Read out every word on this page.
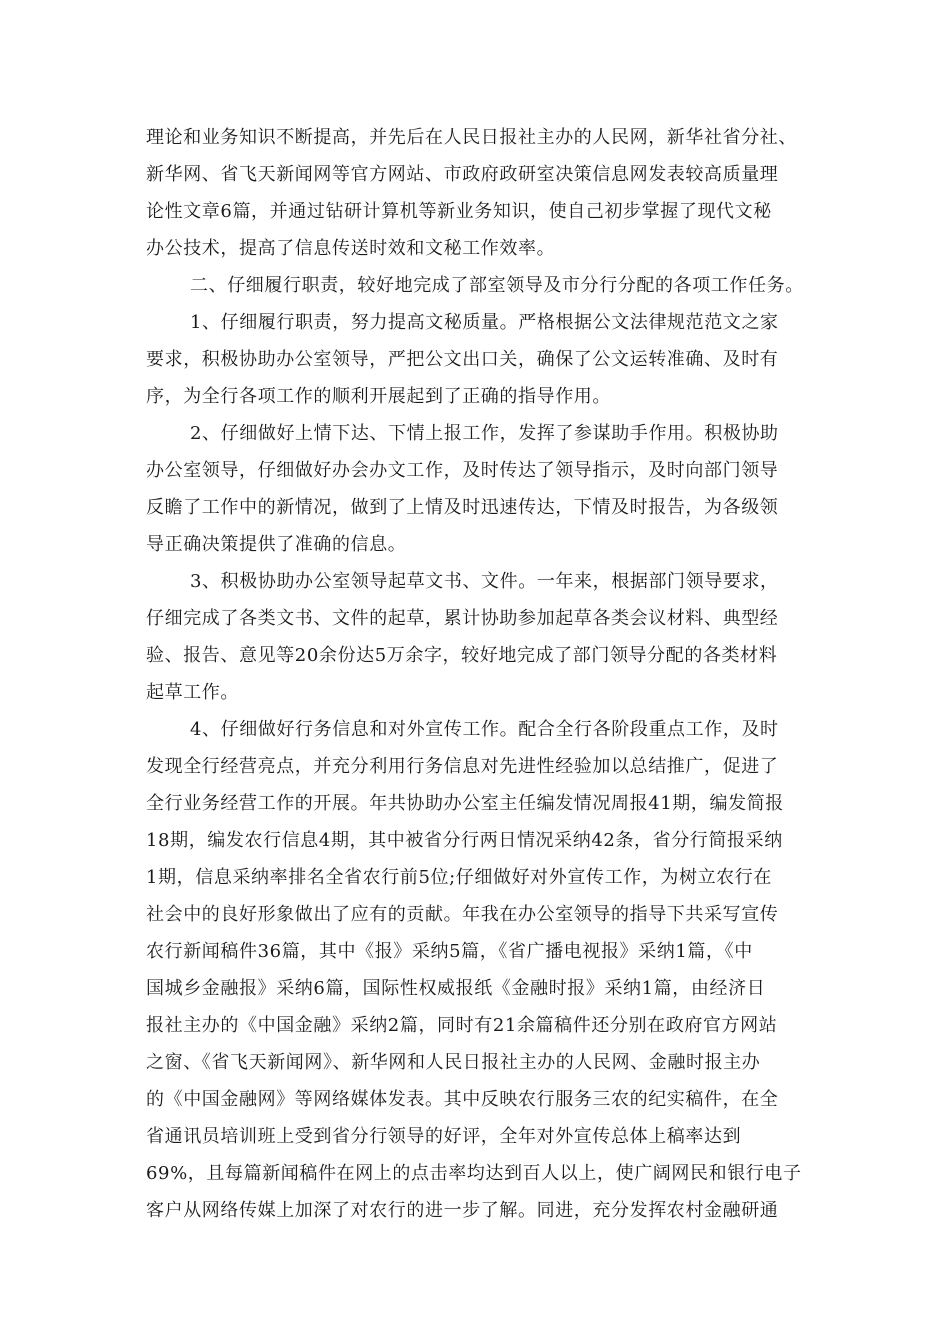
理论和业务知识不断提高，并先后在人民日报社主办的人民网，新华社省分社、
新华网、省飞天新闻网等官方网站、市政府政研室决策信息网发表较高质量理
论性文章6篇，并通过钻研计算机等新业务知识，使自己初步掌握了现代文秘
办公技术，提高了信息传送时效和文秘工作效率。
二、仔细履行职责，较好地完成了部室领导及市分行分配的各项工作任务。
1、仔细履行职责，努力提高文秘质量。严格根据公文法律规范范文之家
要求，积极协助办公室领导，严把公文出口关，确保了公文运转准确、及时有
序，为全行各项工作的顺利开展起到了正确的指导作用。
2、仔细做好上情下达、下情上报工作，发挥了参谋助手作用。积极协助
办公室领导，仔细做好办会办文工作，及时传达了领导指示，及时向部门领导
反瞻了工作中的新情况，做到了上情及时迅速传达，下情及时报告，为各级领
导正确决策提供了准确的信息。
3、积极协助办公室领导起草文书、文件。一年来，根据部门领导要求，
仔细完成了各类文书、文件的起草，累计协助参加起草各类会议材料、典型经
验、报告、意见等20余份达5万余字，较好地完成了部门领导分配的各类材料
起草工作。
4、仔细做好行务信息和对外宣传工作。配合全行各阶段重点工作，及时
发现全行经营亮点，并充分利用行务信息对先进性经验加以总结推广，促进了
全行业务经营工作的开展。年共协助办公室主任编发情况周报41期，编发简报
18期，编发农行信息4期，其中被省分行两日情况采纳42条，省分行简报采纳
1期，信息采纳率排名全省农行前5位;仔细做好对外宣传工作，为树立农行在
社会中的良好形象做出了应有的贡献。年我在办公室领导的指导下共采写宣传
农行新闻稿件36篇，其中《报》采纳5篇，《省广播电视报》采纳1篇，《中
国城乡金融报》采纳6篇，国际性权威报纸《金融时报》采纳1篇，由经济日
报社主办的《中国金融》采纳2篇，同时有21余篇稿件还分别在政府官方网站
之窗、《省飞天新闻网》、新华网和人民日报社主办的人民网、金融时报主办
的《中国金融网》等网络媒体发表。其中反映农行服务三农的纪实稿件，在全
省通讯员培训班上受到省分行领导的好评，全年对外宣传总体上稿率达到
69%，且每篇新闻稿件在网上的点击率均达到百人以上，使广阔网民和银行电子
客户从网络传媒上加深了对农行的进一步了解。同进，充分发挥农村金融研通
